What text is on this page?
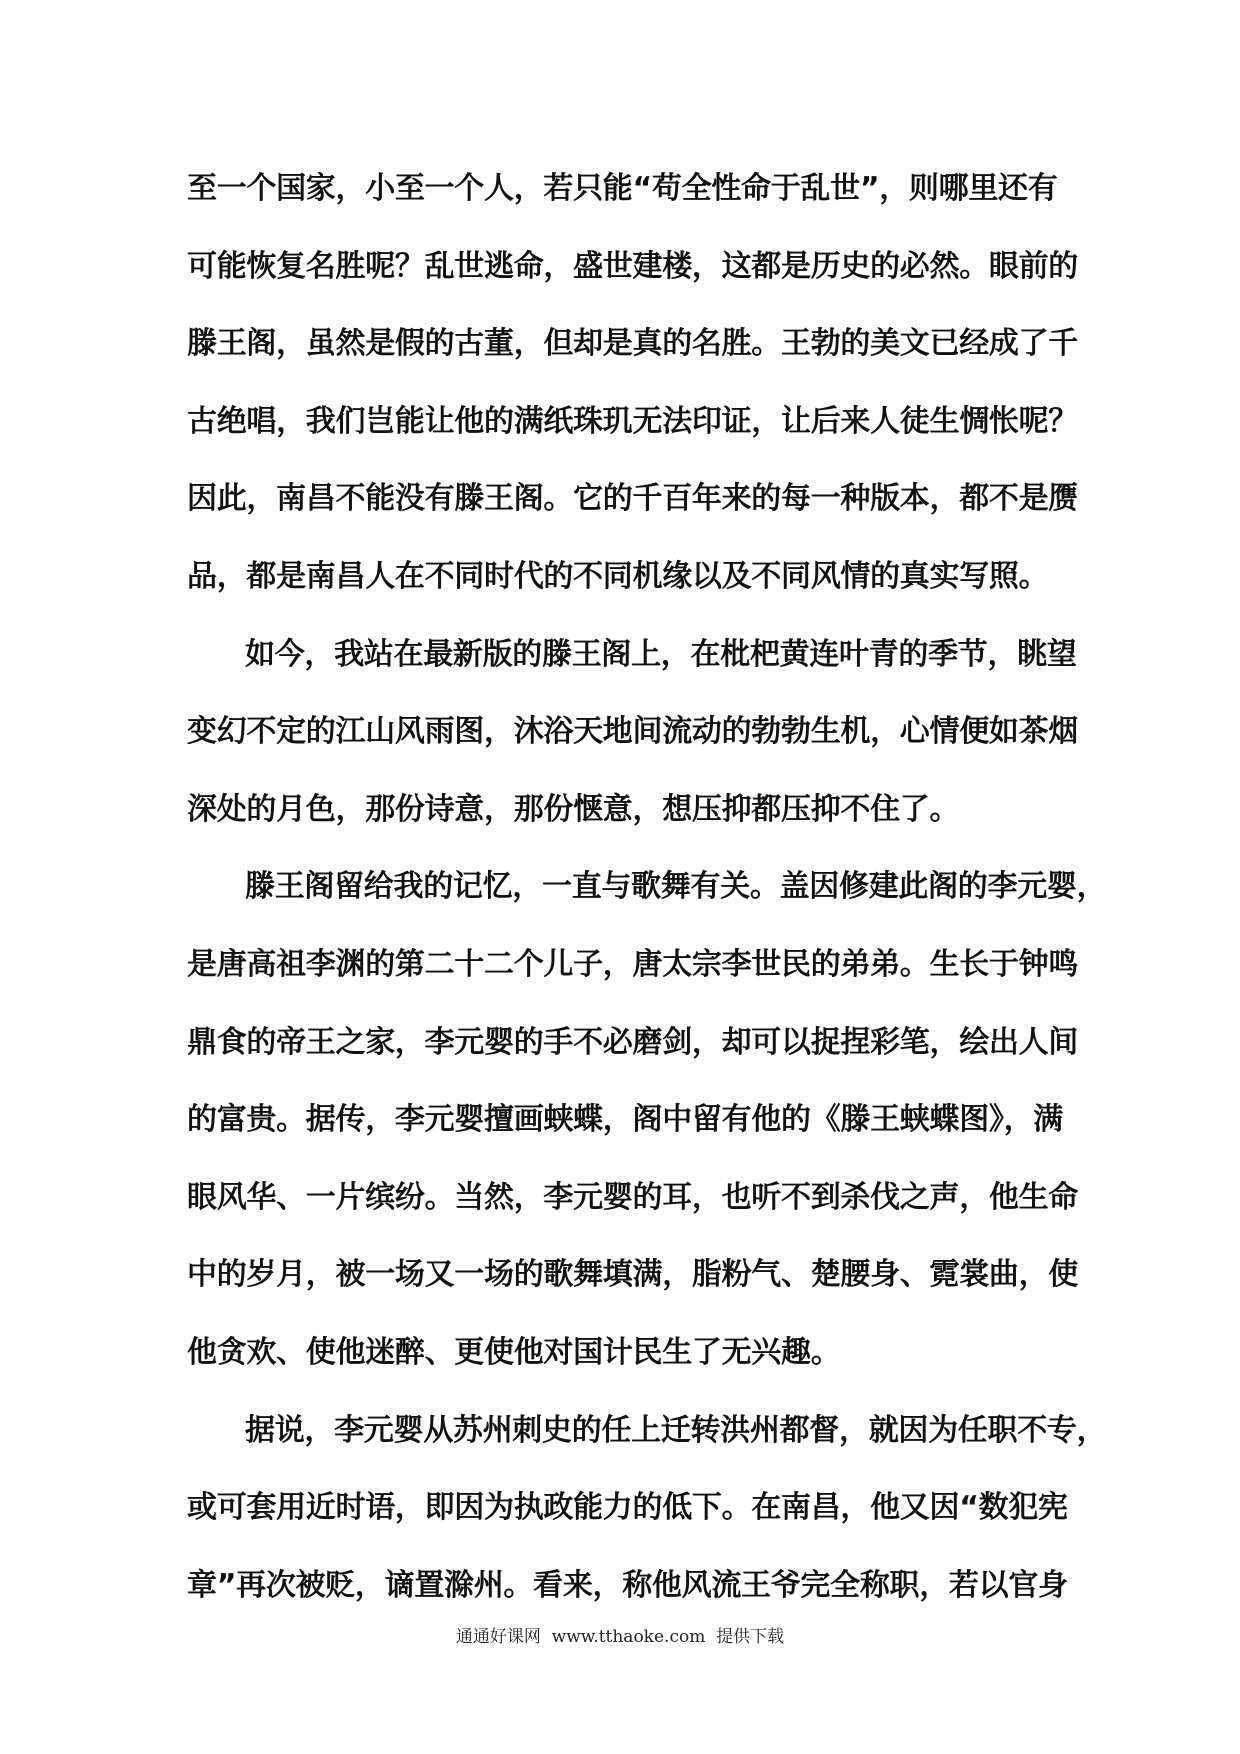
至一个国家，小至一个人，若只能“苟全性命于乱世”，则哪里还有
可能恢复名胜呢？乱世逃命，盛世建楼，这都是历史的必然。眼前的
滕王阁，虽然是假的古董，但却是真的名胜。王勃的美文已经成了千
古绝唱，我们岂能让他的满纸珠玑无法印证，让后来人徒生惆怅呢？
因此，南昌不能没有滕王阁。它的千百年来的每一种版本，都不是赝
品，都是南昌人在不同时代的不同机缘以及不同风情的真实写照。
如今，我站在最新版的滕王阁上，在枇杷黄连叶青的季节，眺望
变幻不定的江山风雨图，沐浴天地间流动的勃勃生机，心情便如茶烟
深处的月色，那份诗意，那份惬意，想压抑都压抑不住了。
滕王阁留给我的记忆，一直与歌舞有关。盖因修建此阁的李元婴，
是唐高祖李渊的第二十二个儿子，唐太宗李世民的弟弟。生长于钟鸣
鼎食的帝王之家，李元婴的手不必磨剑，却可以捉捏彩笔，绘出人间
的富贵。据传，李元婴擅画蛱蝶，阁中留有他的《滕王蛱蝶图》，满
眼风华、一片缤纷。当然，李元婴的耳，也听不到杀伐之声，他生命
中的岁月，被一场又一场的歌舞填满，脂粉气、楚腰身、霓裳曲，使
他贪欢、使他迷醉、更使他对国计民生了无兴趣。
据说，李元婴从苏州刺史的任上迁转洪州都督，就因为任职不专，
或可套用近时语，即因为执政能力的低下。在南昌，他又因“数犯宪
章”再次被贬，谪置滁州。看来，称他风流王爷完全称职，若以官身
通通好课网 www.tthaoke.com 提供下载
